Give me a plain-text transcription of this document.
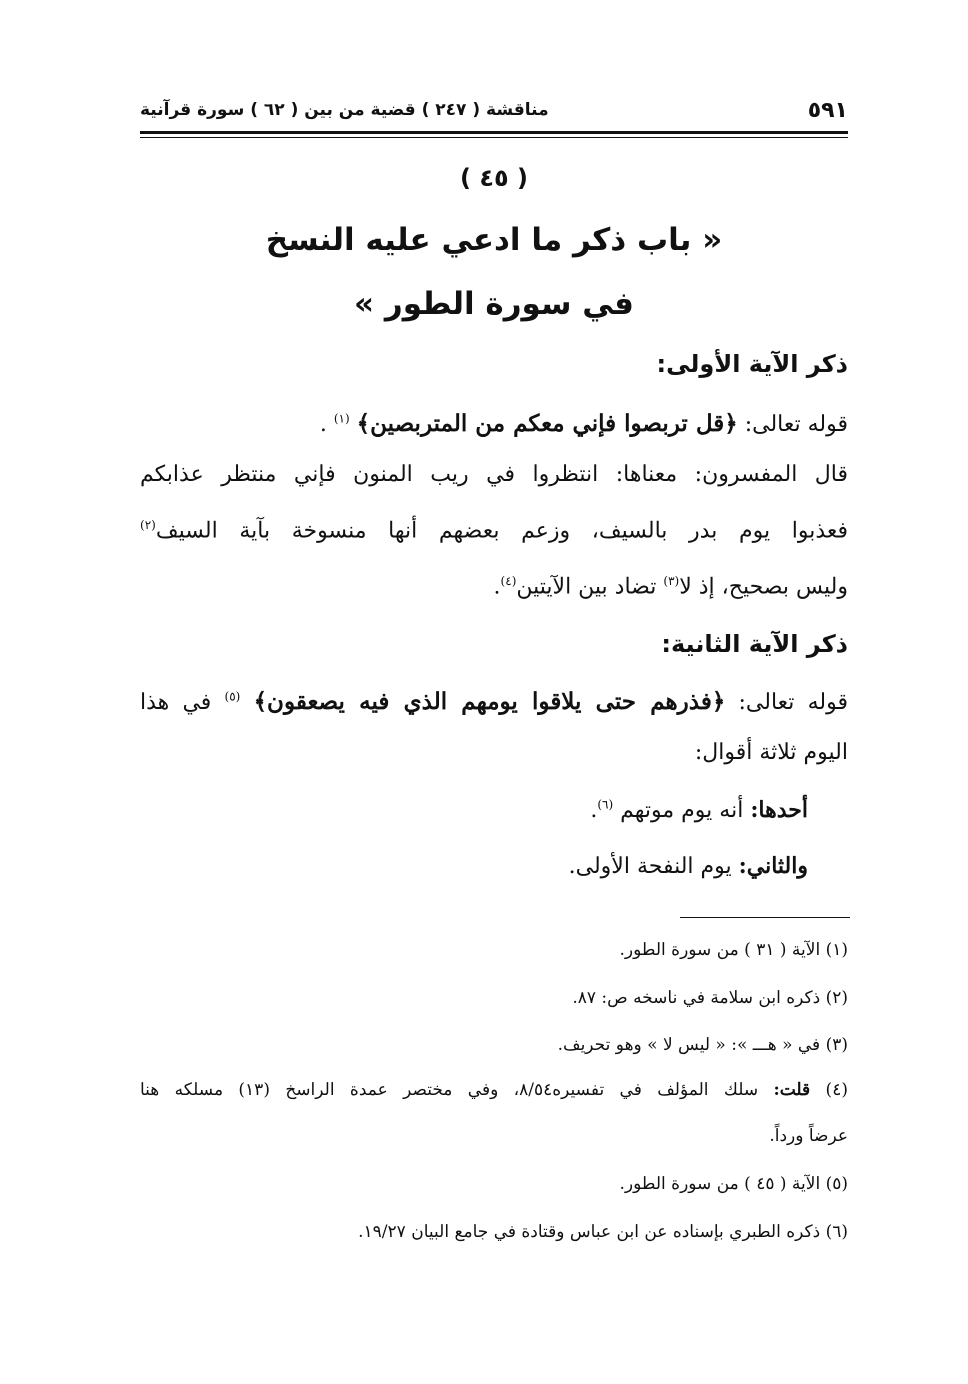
٥٩١
مناقشة ( ٢٤٧ ) قضية من بين ( ٦٢ ) سورة قرآنية
( ٤٥ )
« باب ذكر ما ادعي عليه النسخ
في سورة الطور »
ذكر الآية الأولى:
قوله تعالى: ﴿قل تربصوا فإني معكم من المتربصين﴾ $^{(١)}$ .
قال المفسرون: معناها: انتظروا في ريب المنون فإني منتظر عذابكم
فعذبوا يوم بدر بالسيف، وزعم بعضهم أنها منسوخة بآية السيف$^{(٢)}$
وليس بصحيح، إذ لا$^{(٣)}$ تضاد بين الآيتين$^{(٤)}$.
ذكر الآية الثانية:
قوله تعالى: ﴿فذرهم حتى يلاقوا يومهم الذي فيه يصعقون﴾ $^{(٥)}$ في هذا
اليوم ثلاثة أقوال:
أحدها: أنه يوم موتهم $^{(٦)}$.
والثاني: يوم النفحة الأولى.
(١) الآية ( ٣١ ) من سورة الطور.
(٢) ذكره ابن سلامة في ناسخه ص: ٨٧.
(٣) في « هـــ »: « ليس لا » وهو تحريف.
(٤) قلت: سلك المؤلف في تفسيره٨/٥٤، وفي مختصر عمدة الراسخ (١٣) مسلكه هنا
عرضاً ورداً.
(٥) الآية ( ٤٥ ) من سورة الطور.
(٦) ذكره الطبري بإسناده عن ابن عباس وقتادة في جامع البيان ١٩/٢٧.
